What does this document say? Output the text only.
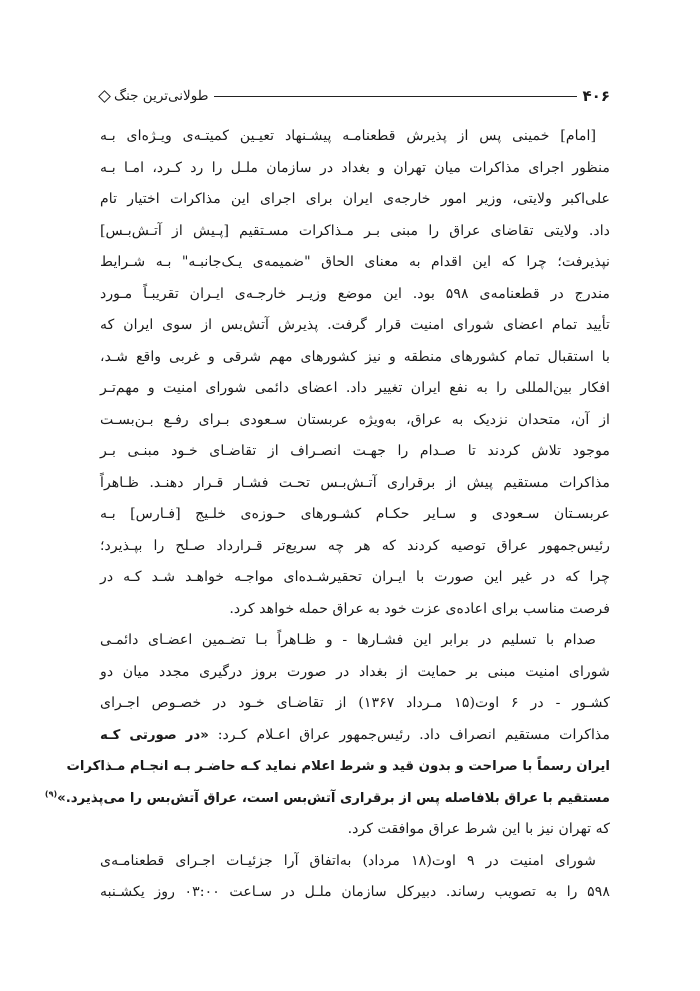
۴۰۶
طولانی‌ترین جنگ
[امام] خمینی پس از پذیرش قطعنامـه پیشـنهاد تعیـین کمیتـه‌ی ویـژه‌ای بـه
منظور اجرای مذاکرات میان تهران و بغداد در سازمان ملـل را رد کـرد، امـا بـه
علی‌اکبر ولایتی، وزیر امور خارجه‌ی ایران برای اجرای این مذاکرات اختیار تام
داد. ولایتی تقاضای عراق را مبنی بـر مـذاکرات مسـتقیم [پـیش از آتـش‌بـس]
نپذیرفت؛ چرا که این اقدام به معنای الحاق "ضمیمه‌ی یـک‌جانبـه" بـه شـرایط
مندرج در قطعنامه‌ی ۵۹۸ بود. این موضع وزیـر خارجـه‌ی ایـران تقریبـاً مـورد
تأیید تمام اعضای شورای امنیت قرار گرفت. پذیرش آتش‌بس از سوی ایران که
با استقبال تمام کشورهای منطقه و نیز کشورهای مهم شرقی و غربی واقع شـد،
افکار بین‌المللی را به نفع ایران تغییر داد. اعضای دائمی شورای امنیت و مهم‌تـر
از آن، متحدان نزدیک به عراق، به‌ویژه عربستان سـعودی بـرای رفـع بـن‌بسـت
موجود تلاش کردند تا صـدام را جهـت انصـراف از تقاضـای خـود مبنـی بـر
مذاکرات مستقیم پیش از برقراری آتـش‌بـس تحـت فشـار قـرار دهنـد. ظـاهراً
عربسـتان سـعودی و سـایر حکـام کشـورهای حـوزه‌ی خلـیج [فـارس] بـه
رئیس‌جمهور عراق توصیه کردند که هر چه سریع‌تر قـرارداد صـلح را بپـذیرد؛
چرا که در غیر این صورت با ایـران تحقیرشـده‌ای مواجـه خواهـد شـد کـه در
فرصت مناسب برای اعاده‌ی عزت خود به عراق حمله خواهد کرد.
صدام با تسلیم در برابر این فشـارها - و ظـاهراً بـا تضـمین اعضـای دائمـی
شورای امنیت مبنی بر حمایت از بغداد در صورت بروز درگیری مجدد میان دو
کشـور - در ۶ اوت(۱۵ مـرداد ۱۳۶۷) از تقاضـای خـود در خصـوص اجـرای
مذاکرات مستقیم انصراف داد. رئیس‌جمهور عراق اعـلام کـرد: «در صورتی کـه
ایران رسماً با صراحت و بدون قید و شرط اعلام نماید کـه حاضـر بـه انجـام مـذاکرات
مستقیم با عراق بلافاصله پس از برقراری آتش‌بس است، عراق آتش‌بس را می‌پذیرد.»$^{(۹)}$
که تهران نیز با این شرط عراق موافقت کرد.
شورای امنیت در ۹ اوت(۱۸ مرداد) به‌اتفاق آرا جزئیـات اجـرای قطعنامـه‌ی
۵۹۸ را به تصویب رساند. دبیرکل سازمان ملـل در سـاعت ۰۳:۰۰ روز یکشـنبه
